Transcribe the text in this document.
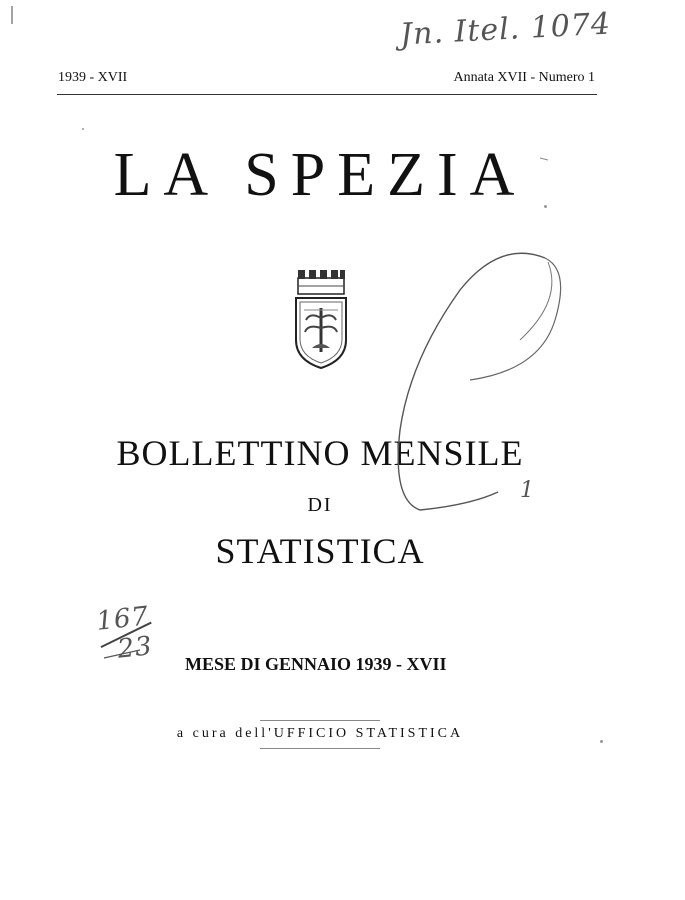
1939 - XVII	Annata XVII - Numero 1
Jn. Itel. 1074
LA SPEZIA
BOLLETTINO MENSILE
DI
STATISTICA
167
23 MESE DI GENNAIO 1939 - XVII
a cura dell'UFFICIO STATISTICA
1
